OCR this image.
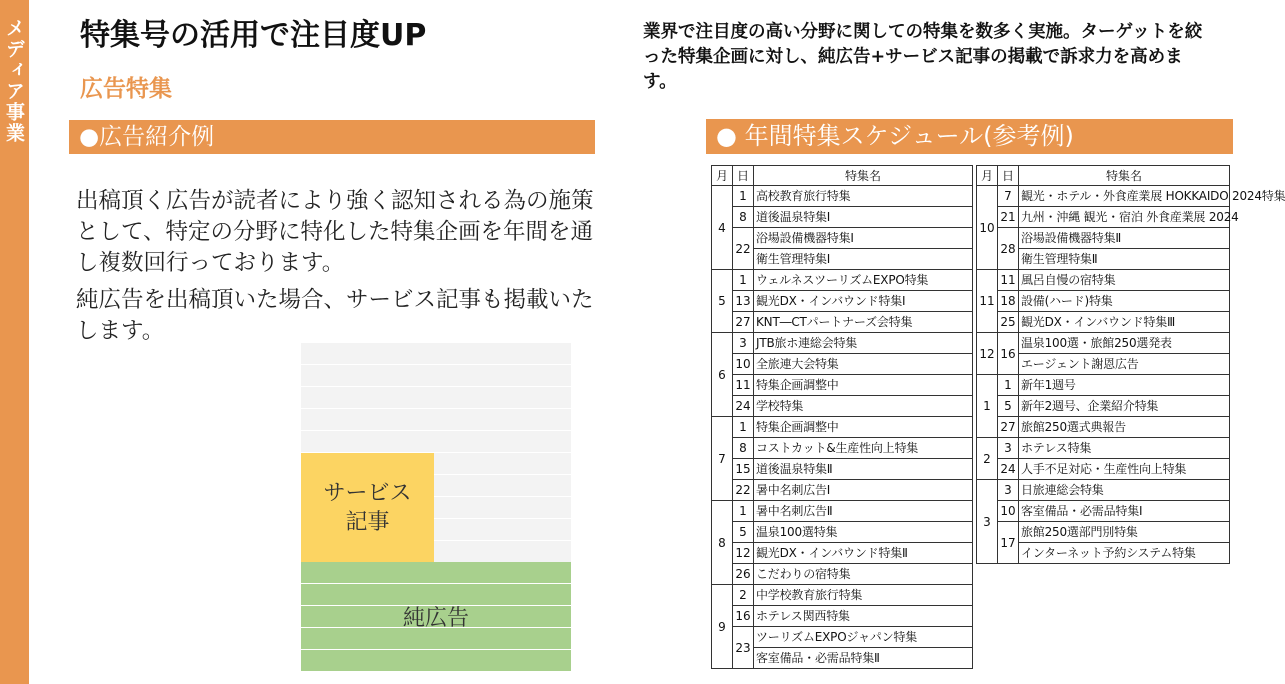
メディア事業 特集号の活用で注目度UP
広告特集
業界で注目度の高い分野に関しての特集を数多く実施。ターゲットを絞った特集企画に対し、純広告+サービス記事の掲載で訴求力を高めます。
●広告紹介例

出稿頂く広告が読者により強く認知される為の施策として、特定の分野に特化した特集企画を年間を通し複数回行っております。

純広告を出稿頂いた場合、サービス記事も掲載いたします。

サービス
記事
純広告
● 年間特集スケジュール(参考例)
月	日	特集名
4	1	高校教育旅行特集
	8	道後温泉特集Ⅰ
	22	浴場設備機器特集Ⅰ
		衛生管理特集Ⅰ
5	1	ウェルネスツーリズムEXPO特集
	13	観光DX・インバウンド特集Ⅰ
	27	KNT―CTパートナーズ会特集
6	3	JTB旅ホ連総会特集
	10	全旅連大会特集
	11	特集企画調整中
	24	学校特集
7	1	特集企画調整中
	8	コストカット&生産性向上特集
	15	道後温泉特集Ⅱ
	22	暑中名刺広告Ⅰ
8	1	暑中名刺広告Ⅱ
	5	温泉100選特集
	12	観光DX・インバウンド特集Ⅱ
	26	こだわりの宿特集
9	2	中学校教育旅行特集
	16	ホテレス関西特集
	23	ツーリズムEXPOジャパン特集
		客室備品・必需品特集Ⅱ
月	日	特集名
10	7	観光・ホテル・外食産業展 HOKKAIDO 2024特集
	21	九州・沖縄 観光・宿泊 外食産業展 2024
	28	浴場設備機器特集Ⅱ
		衛生管理特集Ⅱ
11	11	風呂自慢の宿特集
	18	設備(ハード)特集
	25	観光DX・インバウンド特集Ⅲ
12	16	温泉100選・旅館250選発表
		エージェント謝恩広告
1	1	新年1週号
	5	新年2週号、企業紹介特集
	27	旅館250選式典報告
2	3	ホテレス特集
	24	人手不足対応・生産性向上特集
3	3	日旅連総会特集
	10	客室備品・必需品特集Ⅰ
	17	旅館250選部門別特集
		インターネット予約システム特集
